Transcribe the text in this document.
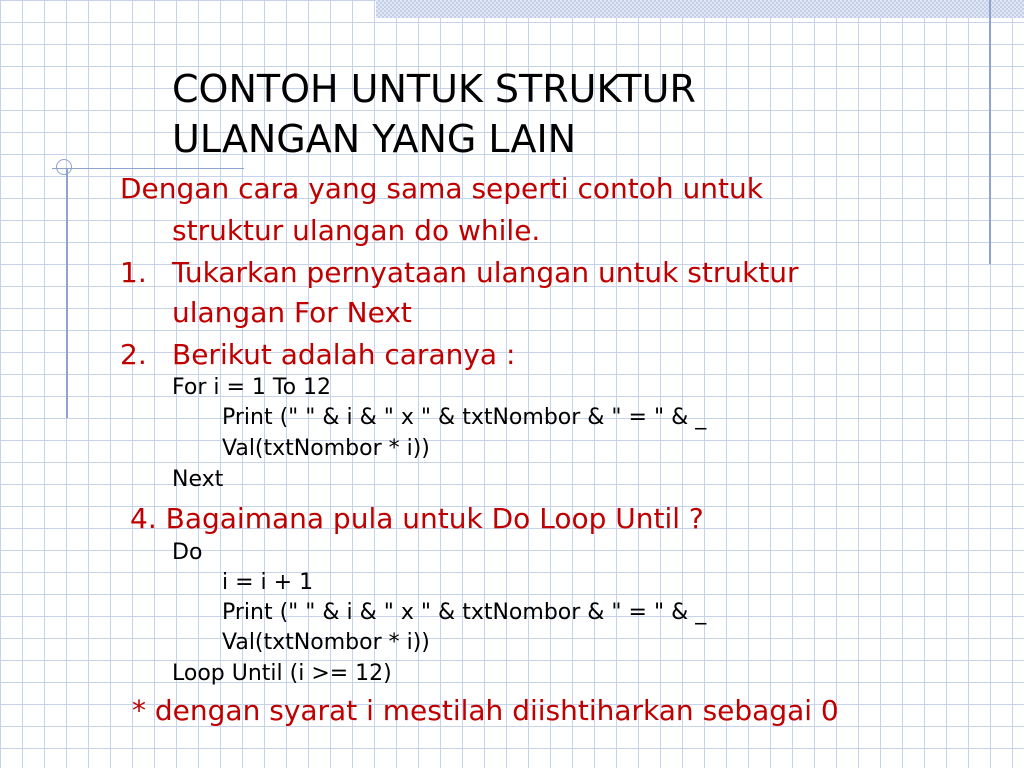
CONTOH UNTUK STRUKTUR
ULANGAN YANG LAIN
Dengan cara yang sama seperti contoh untuk
struktur ulangan do while.
1. Tukarkan pernyataan ulangan untuk struktur
ulangan For Next
2. Berikut adalah caranya :
For i = 1 To 12
Print (" " & i & " x " & txtNombor & " = " & _
Val(txtNombor * i))
Next
4. Bagaimana pula untuk Do Loop Until ?
Do
i = i + 1
Print (" " & i & " x " & txtNombor & " = " & _
Val(txtNombor * i))
Loop Until (i >= 12)
* dengan syarat i mestilah diishtiharkan sebagai 0
